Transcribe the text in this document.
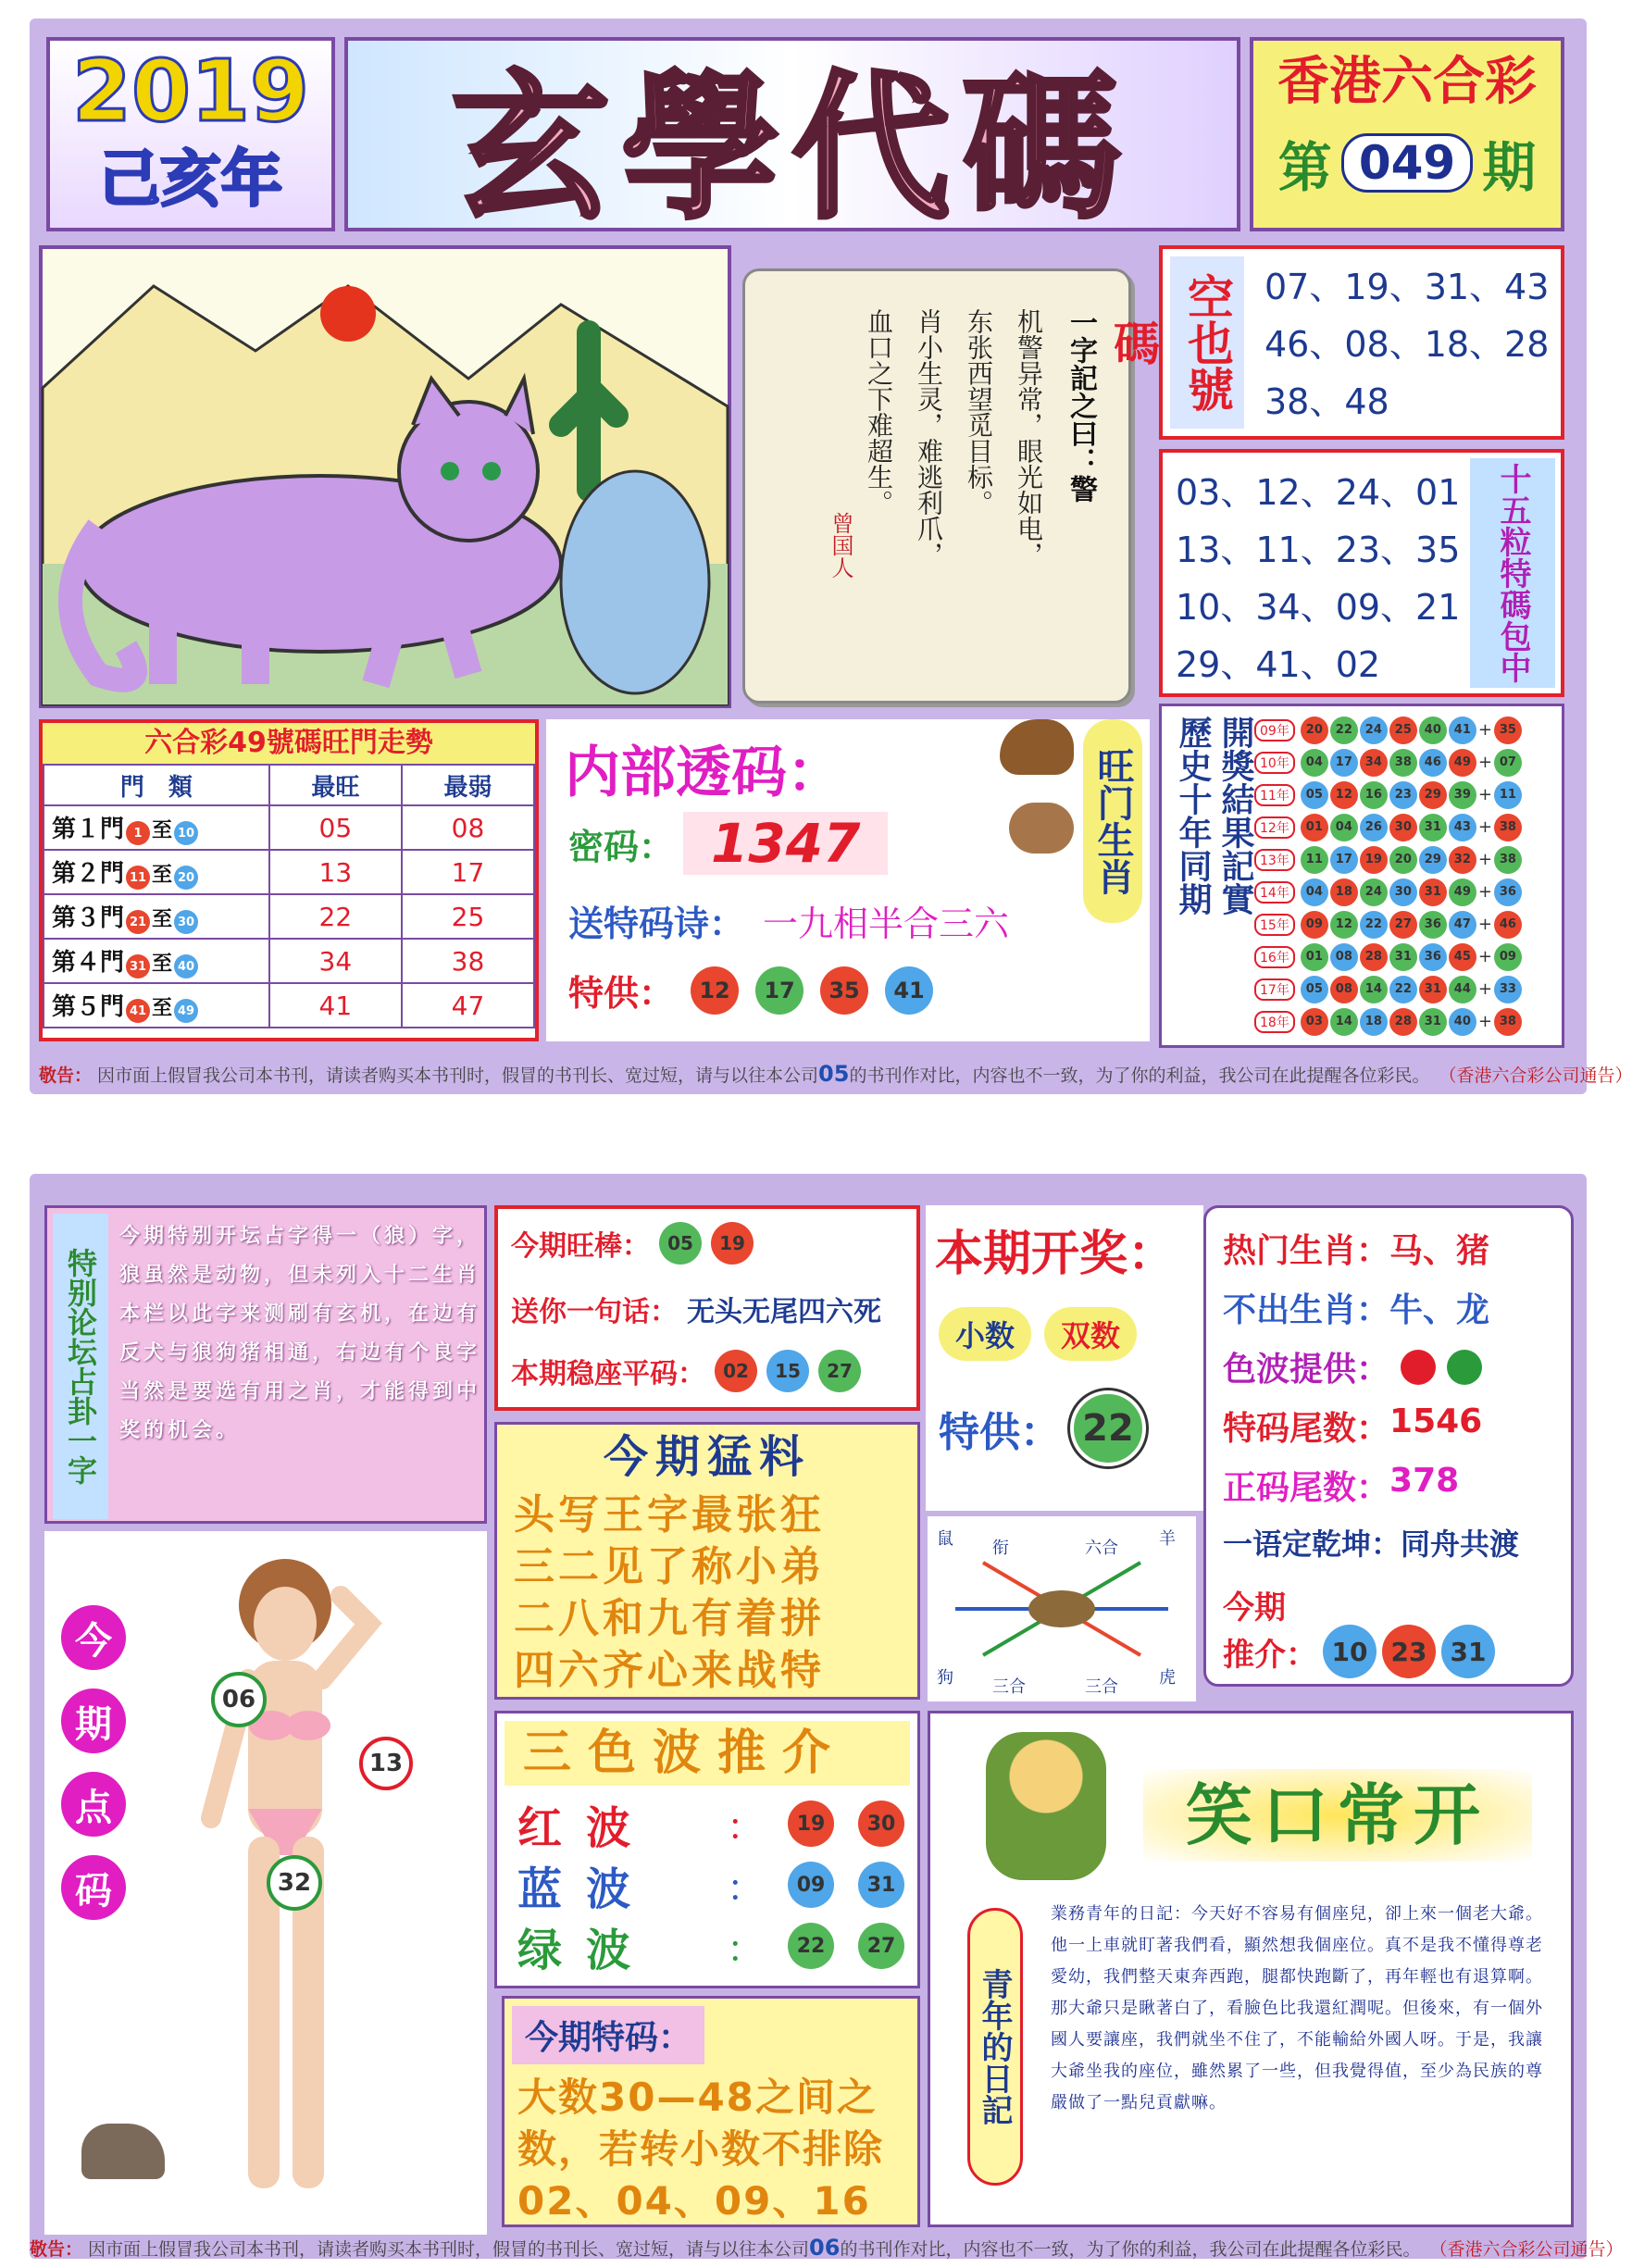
2019
己亥年	玄學代碼	香港六合彩
第 049 期
一字記之曰：警
机警异常，眼光如电，
东张西望觅目标。
肖小生灵，难逃利爪，
血口之下难超生。
曾国人
空也號碼
07、19、31、43
46、08、18、28
38、48
03、12、24、01
13、11、23、35
10、34、09、21
29、41、02	十五粒特碼包中
六合彩49號碼旺門走勢
門　類	最旺	最弱
第１門 1 至 10	05	08
第２門 11 至 20	13	17
第３門 21 至 30	22	25
第４門 31 至 40	34	38
第５門 41 至 49	41	47
内部透码：
密码： 1347
送特码诗： 一九相半合三六
特供：	12	17	35	41
旺门生肖 歷史十年同期 開獎結果記實 09年	20	22	24	25	40	41 + 35
10年	04	17	34	38	46	49 + 07
11年	05	12	16	23	29	39 + 11
12年	01	04	26	30	31	43 + 38
13年	11	17	19	20	29	32 + 38
14年	04	18	24	30	31	49 + 36
15年	09	12	22	27	36	47 + 46
16年	01	08	28	31	36	45 + 09
17年	05	08	14	22	31	44 + 33
18年	03	14	18	28	31	40 + 38
敬告： 因市面上假冒我公司本书刊，请读者购买本书刊时，假冒的书刊长、宽过短，请与以往本公司 05 的书刊作对比，内容也不一致，为了你的利益，我公司在此提醒各位彩民。 （香港六合彩公司通告）
特别论坛占卦一字
今期特别开坛占字得一（狼）字，狼虽然是动物，但未列入十二生肖本栏以此字来测刷有玄机，在边有反犬与狼狗猪相通，右边有个良字当然是要选有用之肖，才能得到中奖的机会。
今期旺棒： 05	19
送你一句话： 无头无尾四六死
本期稳座平码： 02	15	27
本期开奖：
小数	双数
特供： 22
热门生肖： 马、猪
不出生肖： 牛、龙
色波提供：
特码尾数： 1546
正码尾数： 378
一语定乾坤： 同舟共渡
今期
推介： 10 23 31
今期猛料
头写王字最张狂
三二见了称小弟
二八和九有着拼
四六齐心来战特
鼠 衔	六合 羊
狗 三合	三合 虎
今
期
点
码
06
13
32
三色波推介
红波	：	19	30
蓝波	：	09	31
绿波	：	22	27
今期特码：
大数30—48之间之数，若转小数不排除02、04、09、16
笑口常开
青年的日記
業務青年的日記：今天好不容易有個座兒，卻上來一個老大爺。他一上車就盯著我們看，顯然想我個座位。真不是我不懂得尊老愛幼，我們整天東奔西跑，腿都快跑斷了，再年輕也有退算啊。那大爺只是瞅著白了，看臉色比我還紅潤呢。但後來，有一個外國人要讓座，我們就坐不住了，不能輸給外國人呀。于是，我讓大爺坐我的座位，雖然累了一些，但我覺得值，至少為民族的尊嚴做了一點兒貢獻嘛。
敬告： 因市面上假冒我公司本书刊，请读者购买本书刊时，假冒的书刊长、宽过短，请与以往本公司 06 的书刊作对比，内容也不一致，为了你的利益，我公司在此提醒各位彩民。 （香港六合彩公司通告）
